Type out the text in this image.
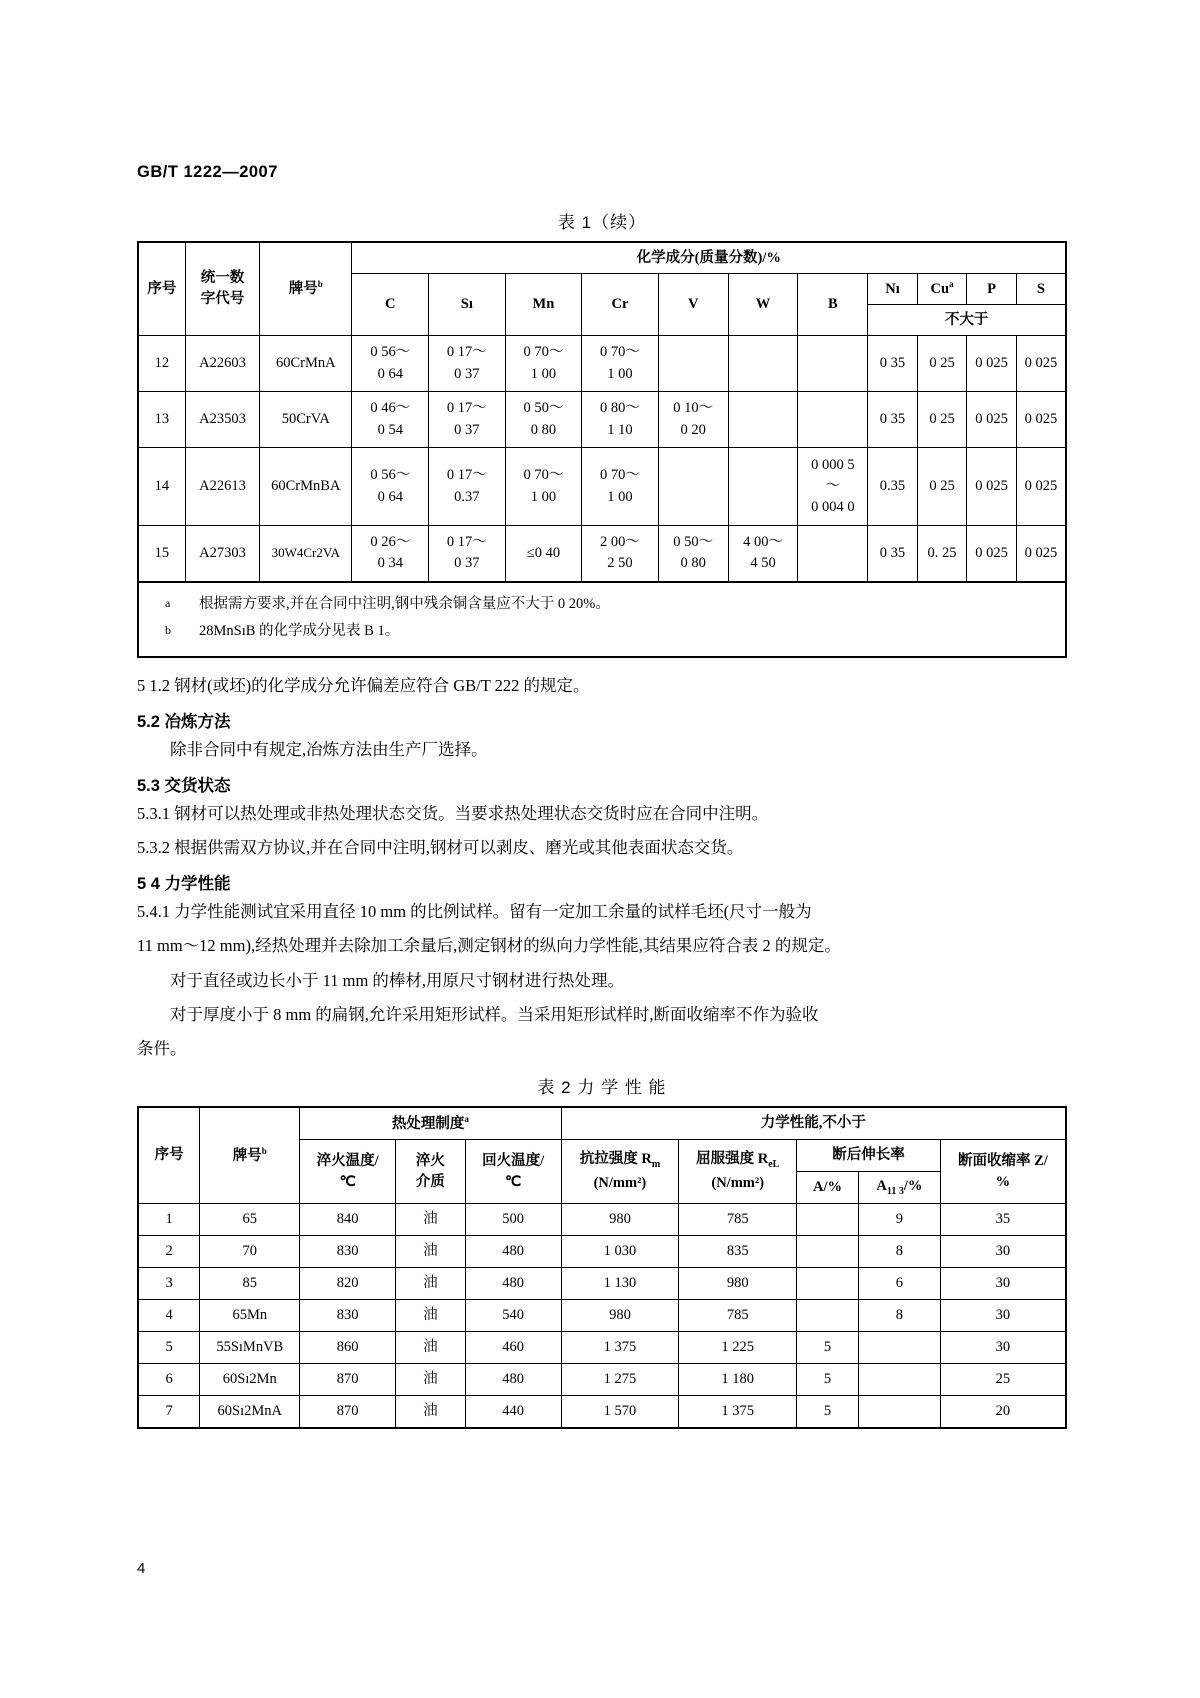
GB/T 1222—2007
表 1（续）
序号	统一数
字代号	牌号$^b$	化学成分(质量分数)/%										
			C	Sı	Mn	Cr	V	W	B	Nı	Cu$^a$	P	S
										不大于			
12	A22603	60CrMnA	0 56～
0 64	0 17～
0 37	0 70～
1 00	0 70～
1 00				0 35	0 25	0 025	0 025
13	A23503	50CrVA	0 46～
0 54	0 17～
0 37	0 50～
0 80	0 80～
1 10	0 10～
0 20			0 35	0 25	0 025	0 025
14	A22613	60CrMnBA	0 56～
0 64	0 17～
0.37	0 70～
1 00	0 70～
1 00			0 000 5
～
0 004 0	0.35	0 25	0 025	0 025
15	A27303	30W4Cr2VA	0 26～
0 34	0 17～
0 37	≤0 40	2 00～
2 50	0 50～
0 80	4 00～
4 50		0 35	0. 25	0 025	0 025
a	根据需方要求,并在合同中注明,钢中残余铜含量应不大于 0 20%。
b	28MnSıB 的化学成分见表 B 1。
5 1.2 钢材(或坯)的化学成分允许偏差应符合 GB/T 222 的规定。
5.2 冶炼方法
除非合同中有规定,冶炼方法由生产厂选择。
5.3 交货状态
5.3.1 钢材可以热处理或非热处理状态交货。当要求热处理状态交货时应在合同中注明。
5.3.2 根据供需双方协议,并在合同中注明,钢材可以剥皮、磨光或其他表面状态交货。
5 4 力学性能
5.4.1 力学性能测试宜采用直径 10 mm 的比例试样。留有一定加工余量的试样毛坯(尺寸一般为
11 mm～12 mm),经热处理并去除加工余量后,测定钢材的纵向力学性能,其结果应符合表 2 的规定。
对于直径或边长小于 11 mm 的棒材,用原尺寸钢材进行热处理。
对于厚度小于 8 mm 的扁钢,允许采用矩形试样。当采用矩形试样时,断面收缩率不作为验收
条件。
表 2 力 学 性 能
序号	牌号$^b$	热处理制度$^a$			力学性能,不小于				

		淬火温度/
℃	淬火
介质	回火温度/
℃	抗拉强度 $R_m$
(N/mm²)	屈服强度 $R_{eL}$
(N/mm²)	断后伸长率		断面收缩率 Z/
%

							A/%	$A_{11 3}/\%$	
1	65	840	油	500	980	785		9	35
2	70	830	油	480	1 030	835		8	30
3	85	820	油	480	1 130	980		6	30
4	65Mn	830	油	540	980	785		8	30
5	55SıMnVB	860	油	460	1 375	1 225	5		30
6	60Sı2Mn	870	油	480	1 275	1 180	5		25
7	60Sı2MnA	870	油	440	1 570	1 375	5		20
4
